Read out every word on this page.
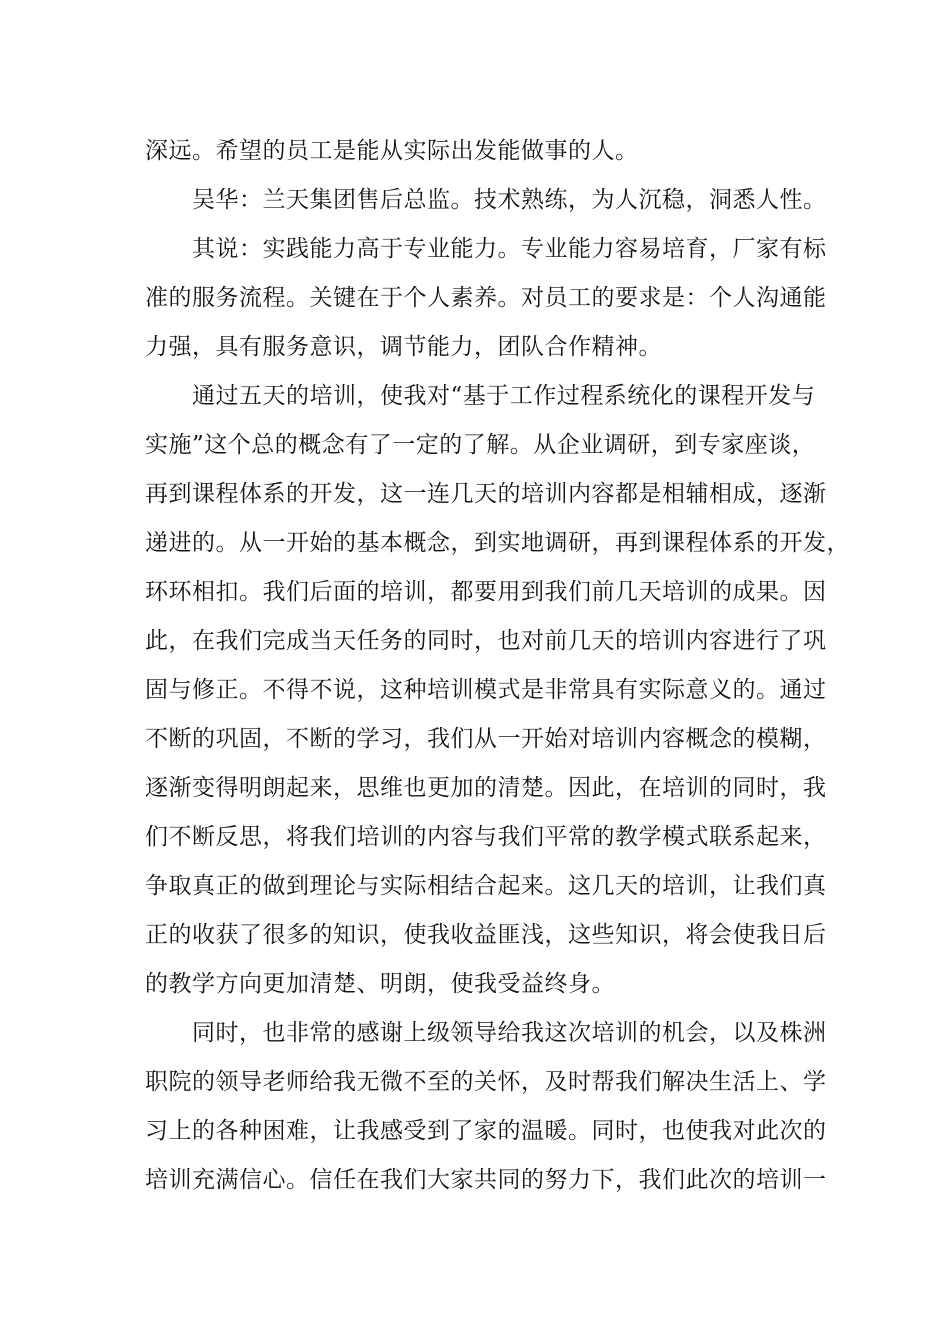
深远。希望的员工是能从实际出发能做事的人。
吴华：兰天集团售后总监。技术熟练，为人沉稳，洞悉人性。
其说：实践能力高于专业能力。专业能力容易培育，厂家有标
准的服务流程。关键在于个人素养。对员工的要求是：个人沟通能
力强，具有服务意识，调节能力，团队合作精神。
通过五天的培训，使我对“基于工作过程系统化的课程开发与
实施”这个总的概念有了一定的了解。从企业调研，到专家座谈，
再到课程体系的开发，这一连几天的培训内容都是相辅相成，逐渐
递进的。从一开始的基本概念，到实地调研，再到课程体系的开发，
环环相扣。我们后面的培训，都要用到我们前几天培训的成果。因
此，在我们完成当天任务的同时，也对前几天的培训内容进行了巩
固与修正。不得不说，这种培训模式是非常具有实际意义的。通过
不断的巩固，不断的学习，我们从一开始对培训内容概念的模糊，
逐渐变得明朗起来，思维也更加的清楚。因此，在培训的同时，我
们不断反思，将我们培训的内容与我们平常的教学模式联系起来，
争取真正的做到理论与实际相结合起来。这几天的培训，让我们真
正的收获了很多的知识，使我收益匪浅，这些知识，将会使我日后
的教学方向更加清楚、明朗，使我受益终身。
同时，也非常的感谢上级领导给我这次培训的机会，以及株洲
职院的领导老师给我无微不至的关怀，及时帮我们解决生活上、学
习上的各种困难，让我感受到了家的温暖。同时，也使我对此次的
培训充满信心。信任在我们大家共同的努力下，我们此次的培训一
